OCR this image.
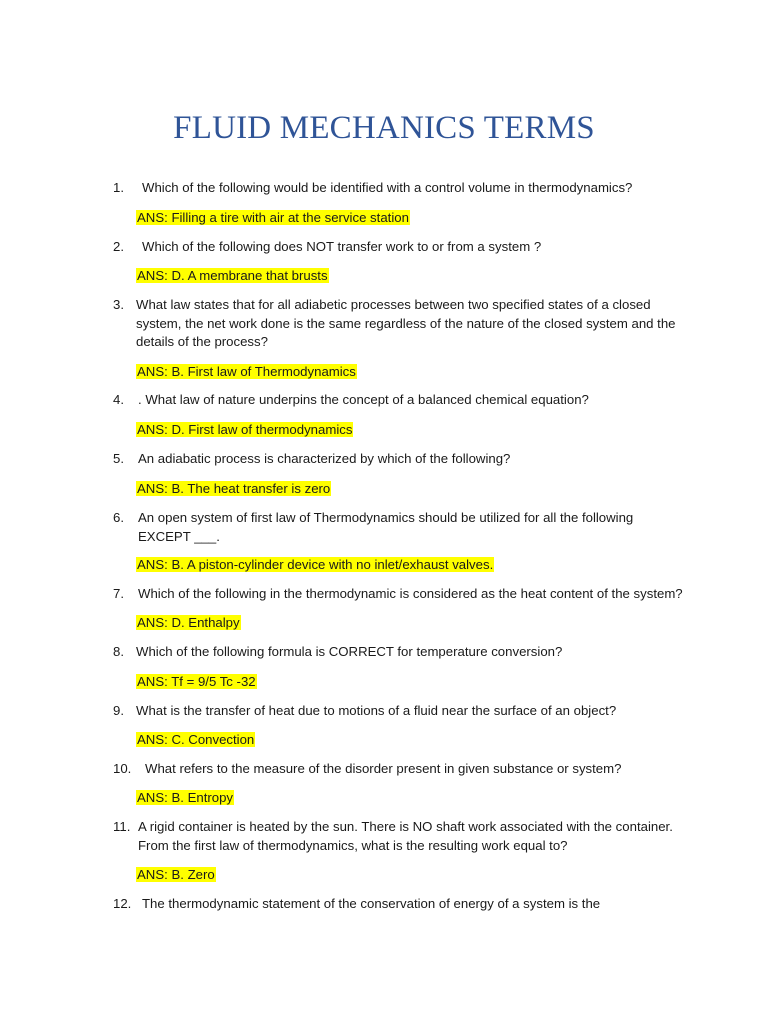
FLUID MECHANICS TERMS
1.	Which of the following would be identified with a control volume in thermodynamics?
ANS: Filling a tire with air at the service station
2.	Which of the following does NOT transfer work to or from a system ?
ANS: D. A membrane that brusts
3. What law states that for all adiabetic processes between two specified states of a closed system, the net work done is the same regardless of the nature of the closed system and the details of the process?
ANS: B. First law of Thermodynamics
4.	. What law of nature underpins the concept of a balanced chemical equation?
ANS: D. First law of thermodynamics
5.	An adiabatic process is characterized by which of the following?
ANS: B. The heat transfer is zero
6.	An open system of first law of Thermodynamics should be utilized for all the following EXCEPT ___.
ANS: B. A piston-cylinder device with no inlet/exhaust valves.
7.	Which of the following in the thermodynamic is considered as the heat content of the system?
ANS: D. Enthalpy
8. Which of the following formula is CORRECT for temperature conversion?
ANS: Tf = 9/5 Tc -32
9. What is the transfer of heat due to motions of a fluid near the surface of an object?
ANS: C. Convection
10. What refers to the measure of the disorder present in given substance or system?
ANS: B. Entropy
11. A rigid container is heated by the sun. There is NO shaft work associated with the container. From the first law of thermodynamics, what is the resulting work equal to?
ANS: B. Zero
12. The thermodynamic statement of the conservation of energy of a system is the
